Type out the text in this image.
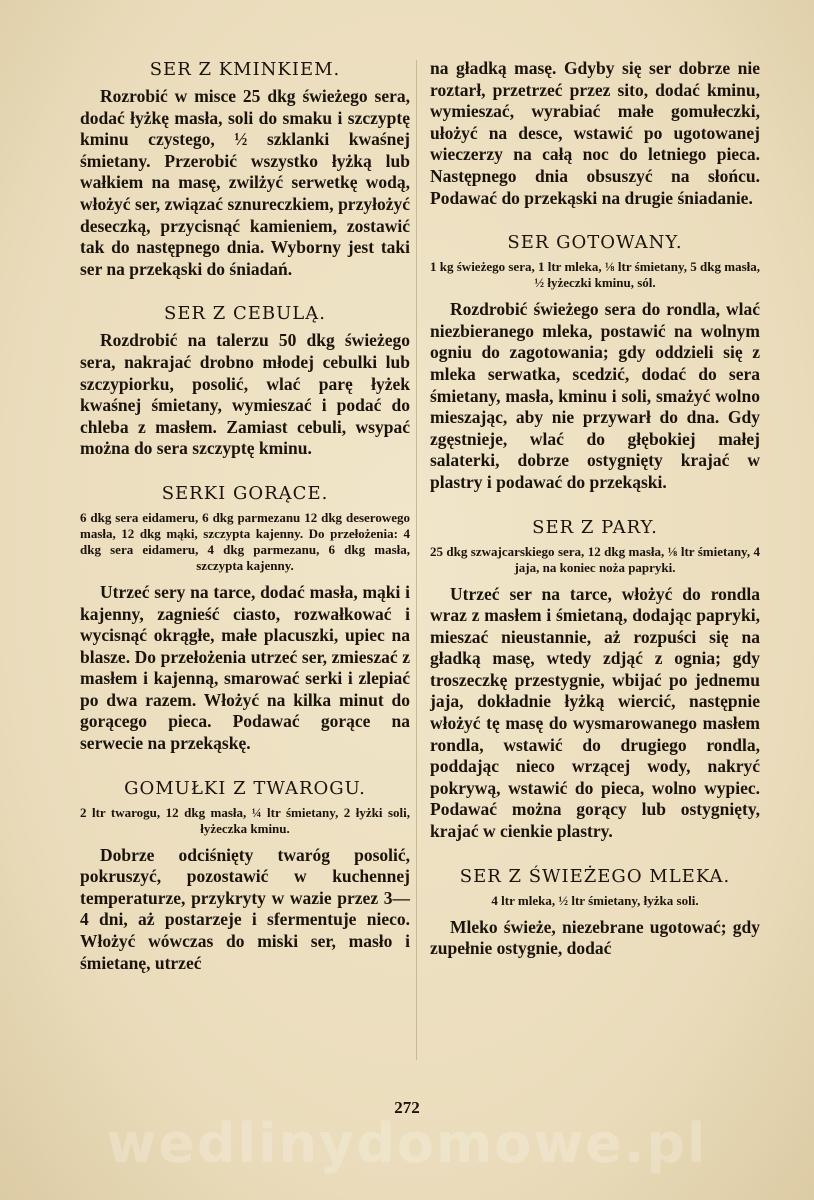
SER Z KMINKIEM.

Rozrobić w misce 25 dkg świeżego sera, dodać łyżkę masła, soli do smaku i szczyptę kminu czystego, ½ szklanki kwaśnej śmietany. Przerobić wszystko łyżką lub wałkiem na masę, zwilżyć serwetkę wodą, włożyć ser, związać sznureczkiem, przyłożyć deseczką, przycisnąć kamieniem, zostawić tak do następnego dnia. Wyborny jest taki ser na przekąski do śniadań.

SER Z CEBULĄ.

Rozdrobić na talerzu 50 dkg świeżego sera, nakrajać drobno młodej cebulki lub szczypiorku, posolić, wlać parę łyżek kwaśnej śmietany, wymieszać i podać do chleba z masłem. Zamiast cebuli, wsypać można do sera szczyptę kminu.

SERKI GORĄCE.

6 dkg sera eidameru, 6 dkg parmezanu 12 dkg deserowego masła, 12 dkg mąki, szczypta kajenny. Do przełożenia: 4 dkg sera eidameru, 4 dkg parmezanu, 6 dkg masła, szczypta kajenny.

Utrzeć sery na tarce, dodać masła, mąki i kajenny, zagnieść ciasto, rozwałkować i wycisnąć okrągłe, małe placuszki, upiec na blasze. Do przełożenia utrzeć ser, zmieszać z masłem i kajenną, smarować serki i zlepiać po dwa razem. Włożyć na kilka minut do gorącego pieca. Podawać gorące na serwecie na przekąskę.

GOMUŁKI Z TWAROGU.

2 ltr twarogu, 12 dkg masła, ¼ ltr śmietany, 2 łyżki soli, łyżeczka kminu.

Dobrze odciśnięty twaróg posolić, pokruszyć, pozostawić w kuchennej temperaturze, przykryty w wazie przez 3—4 dni, aż postarzeje i sfermentuje nieco. Włożyć wówczas do miski ser, masło i śmietanę, utrzeć

na gładką masę. Gdyby się ser dobrze nie roztarł, przetrzeć przez sito, dodać kminu, wymieszać, wyrabiać małe gomułeczki, ułożyć na desce, wstawić po ugotowanej wieczerzy na całą noc do letniego pieca. Następnego dnia obsuszyć na słońcu. Podawać do przekąski na drugie śniadanie.

SER GOTOWANY.

1 kg świeżego sera, 1 ltr mleka, ⅛ ltr śmietany, 5 dkg masła, ½ łyżeczki kminu, sól.

Rozdrobić świeżego sera do rondla, wlać niezbieranego mleka, postawić na wolnym ogniu do zagotowania; gdy oddzieli się z mleka serwatka, scedzić, dodać do sera śmietany, masła, kminu i soli, smażyć wolno mieszając, aby nie przywarł do dna. Gdy zgęstnieje, wlać do głębokiej małej salaterki, dobrze ostygnięty krajać w plastry i podawać do przekąski.

SER Z PARY.

25 dkg szwajcarskiego sera, 12 dkg masła, ⅛ ltr śmietany, 4 jaja, na koniec noża papryki.

Utrzeć ser na tarce, włożyć do rondla wraz z masłem i śmietaną, dodając papryki, mieszać nieustannie, aż rozpuści się na gładką masę, wtedy zdjąć z ognia; gdy troszeczkę przestygnie, wbijać po jednemu jaja, dokładnie łyżką wiercić, następnie włożyć tę masę do wysmarowanego masłem rondla, wstawić do drugiego rondla, poddając nieco wrzącej wody, nakryć pokrywą, wstawić do pieca, wolno wypiec. Podawać można gorący lub ostygnięty, krajać w cienkie plastry.

SER Z ŚWIEŻEGO MLEKA.

4 ltr mleka, ½ ltr śmietany, łyżka soli.

Mleko świeże, niezebrane ugotować; gdy zupełnie ostygnie, dodać

272
wedlinydomowe.pl
